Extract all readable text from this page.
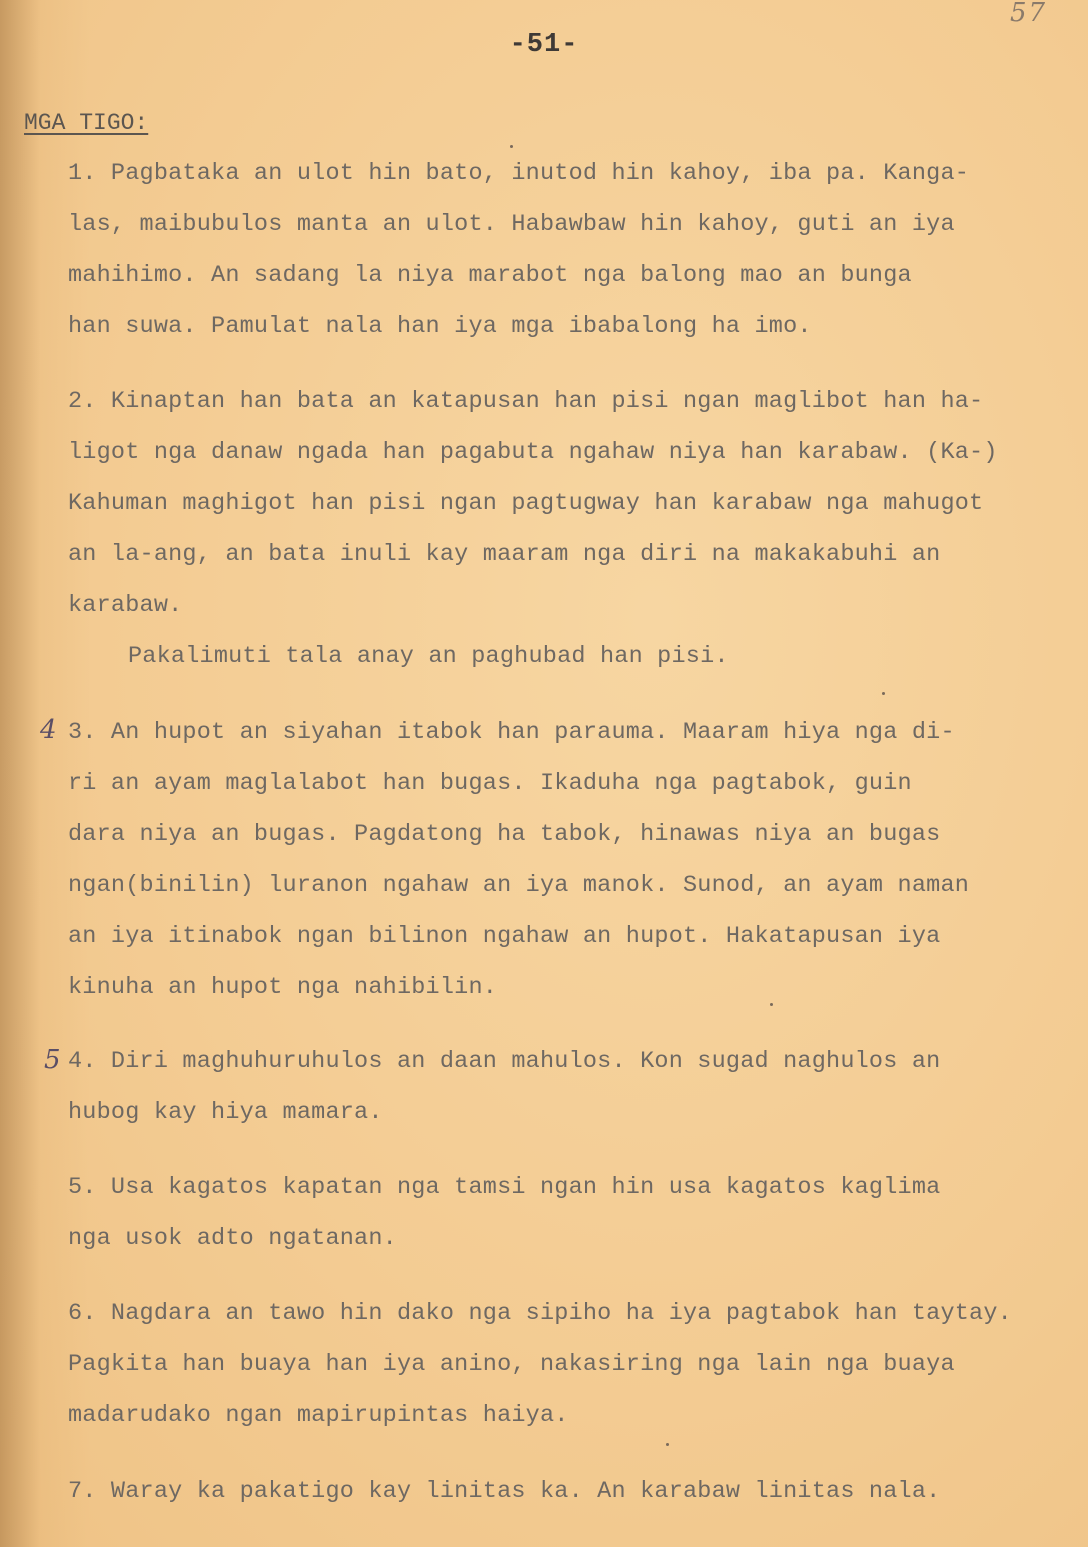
57
-51-
MGA TIGO:
4
5
1. Pagbataka an ulot hin bato, inutod hin kahoy, iba pa. Kanga-
las, maibubulos manta an ulot. Habawbaw hin kahoy, guti an iya
mahihimo. An sadang la niya marabot nga balong mao an bunga
han suwa. Pamulat nala han iya mga ibabalong ha imo.
2. Kinaptan han bata an katapusan han pisi ngan maglibot han ha-
ligot nga danaw ngada han pagabuta ngahaw niya han karabaw. (Ka-)
Kahuman maghigot han pisi ngan pagtugway han karabaw nga mahugot
an la-ang, an bata inuli kay maaram nga diri na makakabuhi an
karabaw.
Pakalimuti tala anay an paghubad han pisi.
3. An hupot an siyahan itabok han parauma. Maaram hiya nga di-
ri an ayam maglalabot han bugas. Ikaduha nga pagtabok, guin
dara niya an bugas. Pagdatong ha tabok, hinawas niya an bugas
ngan(binilin) luranon ngahaw an iya manok. Sunod, an ayam naman
an iya itinabok ngan bilinon ngahaw an hupot. Hakatapusan iya
kinuha an hupot nga nahibilin.
4. Diri maghuhuruhulos an daan mahulos. Kon sugad naghulos an
hubog kay hiya mamara.
5. Usa kagatos kapatan nga tamsi ngan hin usa kagatos kaglima
nga usok adto ngatanan.
6. Nagdara an tawo hin dako nga sipiho ha iya pagtabok han taytay.
Pagkita han buaya han iya anino, nakasiring nga lain nga buaya
madarudako ngan mapirupintas haiya.
7. Waray ka pakatigo kay linitas ka. An karabaw linitas nala.
